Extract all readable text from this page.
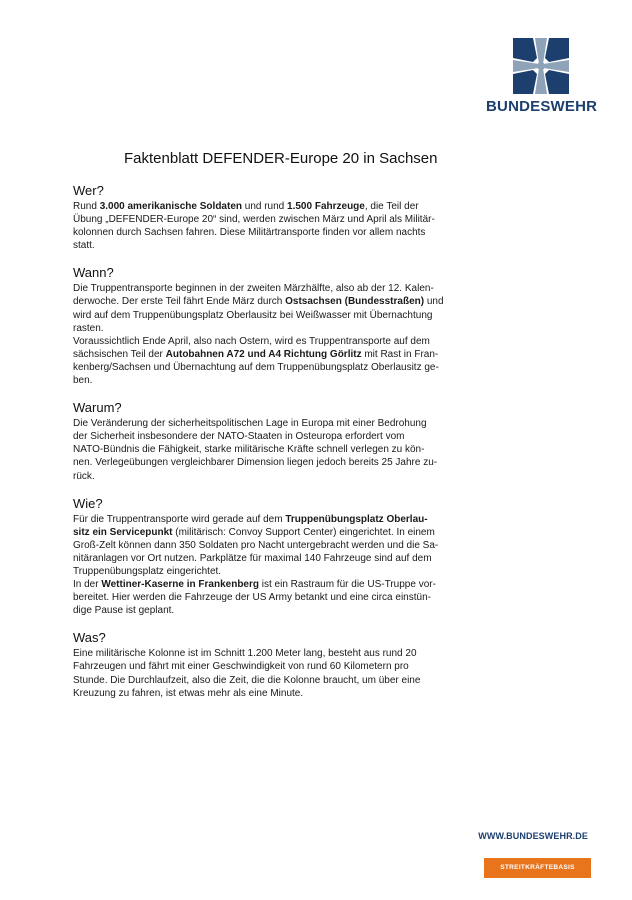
BUNDESWEHR
Faktenblatt DEFENDER-Europe 20 in Sachsen
Wer?

Rund 3.000 amerikanische Soldaten und rund 1.500 Fahrzeuge, die Teil der
Übung „DEFENDER-Europe 20“ sind, werden zwischen März und April als Militär-
kolonnen durch Sachsen fahren. Diese Militärtransporte finden vor allem nachts
statt.

Wann?

Die Truppentransporte beginnen in der zweiten Märzhälfte, also ab der 12. Kalen-
derwoche. Der erste Teil fährt Ende März durch Ostsachsen (Bundesstraßen) und
wird auf dem Truppenübungsplatz Oberlausitz bei Weißwasser mit Übernachtung
rasten.
Voraussichtlich Ende April, also nach Ostern, wird es Truppentransporte auf dem
sächsischen Teil der Autobahnen A72 und A4 Richtung Görlitz mit Rast in Fran-
kenberg/Sachsen und Übernachtung auf dem Truppenübungsplatz Oberlausitz ge-
ben.

Warum?

Die Veränderung der sicherheitspolitischen Lage in Europa mit einer Bedrohung
der Sicherheit insbesondere der NATO-Staaten in Osteuropa erfordert vom
NATO-Bündnis die Fähigkeit, starke militärische Kräfte schnell verlegen zu kön-
nen. Verlegeübungen vergleichbarer Dimension liegen jedoch bereits 25 Jahre zu-
rück.

Wie?

Für die Truppentransporte wird gerade auf dem Truppenübungsplatz Oberlau-
sitz ein Servicepunkt (militärisch: Convoy Support Center) eingerichtet. In einem
Groß-Zelt können dann 350 Soldaten pro Nacht untergebracht werden und die Sa-
nitäranlagen vor Ort nutzen. Parkplätze für maximal 140 Fahrzeuge sind auf dem
Truppenübungsplatz eingerichtet.
In der Wettiner-Kaserne in Frankenberg ist ein Rastraum für die US-Truppe vor-
bereitet. Hier werden die Fahrzeuge der US Army betankt und eine circa einstün-
dige Pause ist geplant.

Was?

Eine militärische Kolonne ist im Schnitt 1.200 Meter lang, besteht aus rund 20
Fahrzeugen und fährt mit einer Geschwindigkeit von rund 60 Kilometern pro
Stunde. Die Durchlaufzeit, also die Zeit, die die Kolonne braucht, um über eine
Kreuzung zu fahren, ist etwas mehr als eine Minute.

WWW.BUNDESWEHR.DE
STREITKRÄFTEBASIS
